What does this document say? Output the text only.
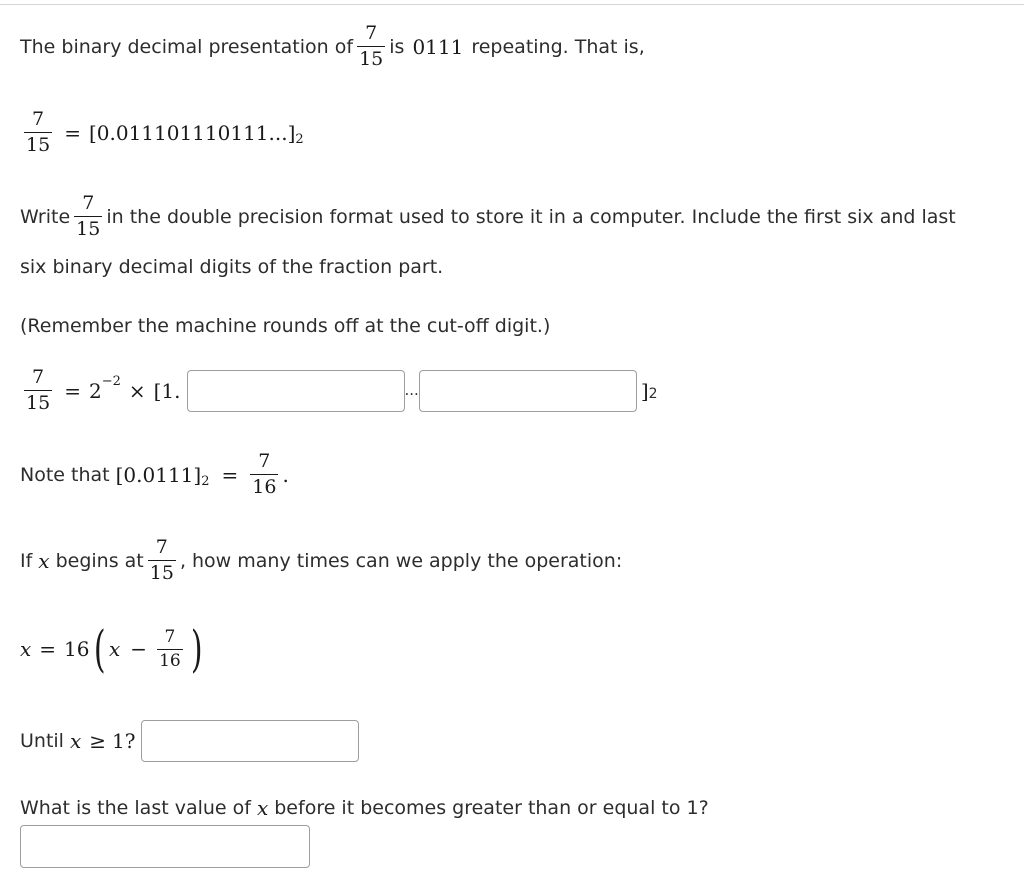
The binary decimal presentation of $\frac{7}{15}$ is 0111 repeating. That is,
$\frac{7}{15} = [0.011101110111...]$ 2
Write $\frac{7}{15}$ in the double precision format used to store it in a computer. Include the first six and last
six binary decimal digits of the fraction part.
(Remember the machine rounds off at the cut-off digit.)
$\frac{7}{15} = 2 -2 \times [1$.	...	] 2
Note that [0.0111] $2 = \frac{7}{16}$ .
If x begins at $\frac{7}{15}$ , how many times can we apply the operation:
x = 16 ( $x - \frac{7}{16}$ )
Until x ≥ 1?
What is the last value of x before it becomes greater than or equal to 1?
